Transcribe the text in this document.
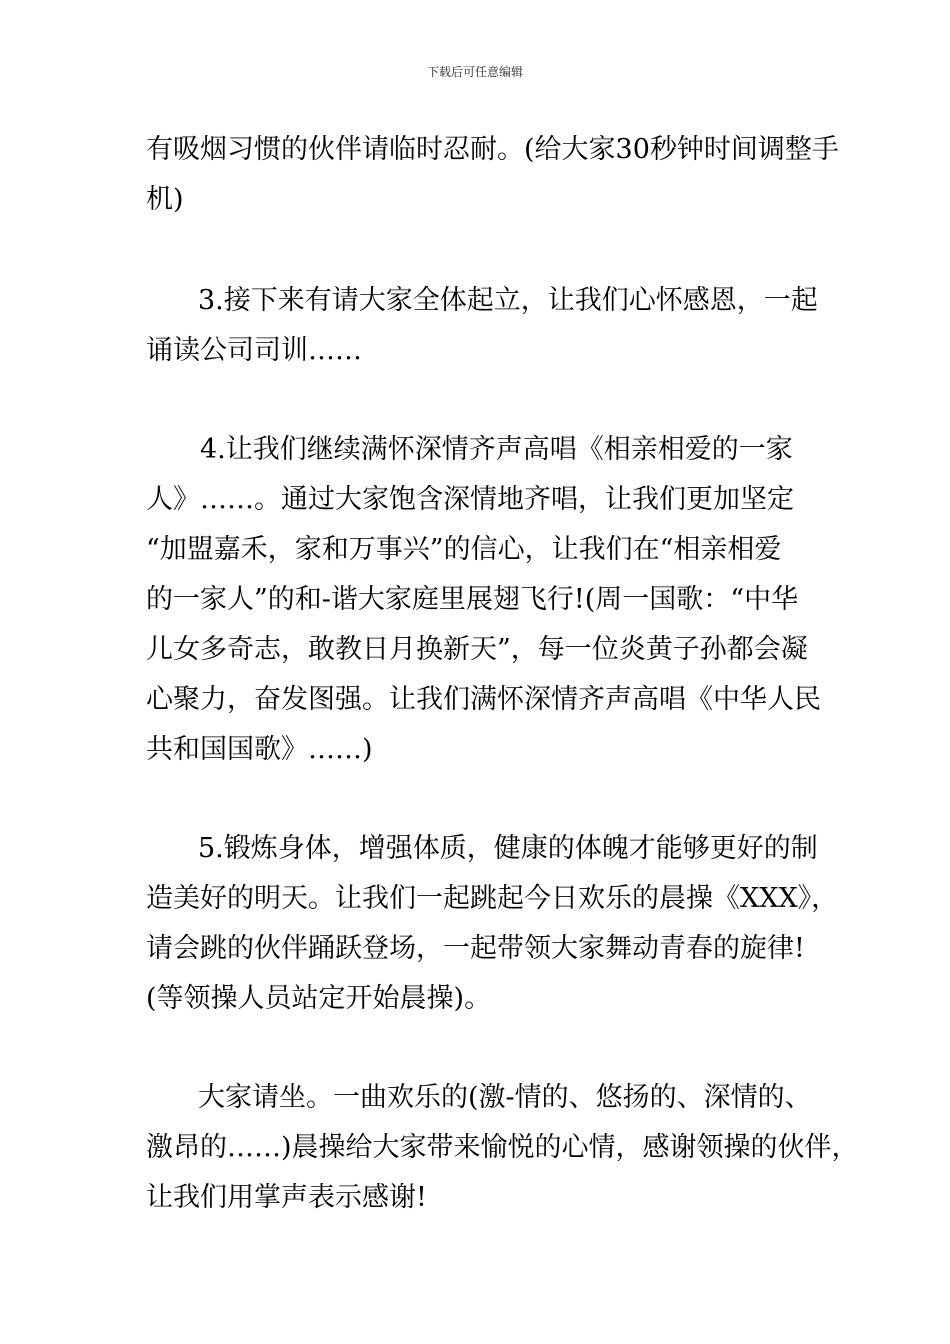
下载后可任意编辑
有吸烟习惯的伙伴请临时忍耐。(给大家30秒钟时间调整手
机)
3.接下来有请大家全体起立，让我们心怀感恩，一起
诵读公司司训……
4.让我们继续满怀深情齐声高唱《相亲相爱的一家
人》……。通过大家饱含深情地齐唱，让我们更加坚定
“加盟嘉禾，家和万事兴”的信心，让我们在“相亲相爱
的一家人”的和-谐大家庭里展翅飞行!(周一国歌：“中华
儿女多奇志，敢教日月换新天”，每一位炎黄子孙都会凝
心聚力，奋发图强。让我们满怀深情齐声高唱《中华人民
共和国国歌》……)
5.锻炼身体，增强体质，健康的体魄才能够更好的制
造美好的明天。让我们一起跳起今日欢乐的晨操《XXX》，
请会跳的伙伴踊跃登场，一起带领大家舞动青春的旋律!
(等领操人员站定开始晨操)。
大家请坐。一曲欢乐的(激-情的、悠扬的、深情的、
激昂的……)晨操给大家带来愉悦的心情，感谢领操的伙伴，
让我们用掌声表示感谢!
